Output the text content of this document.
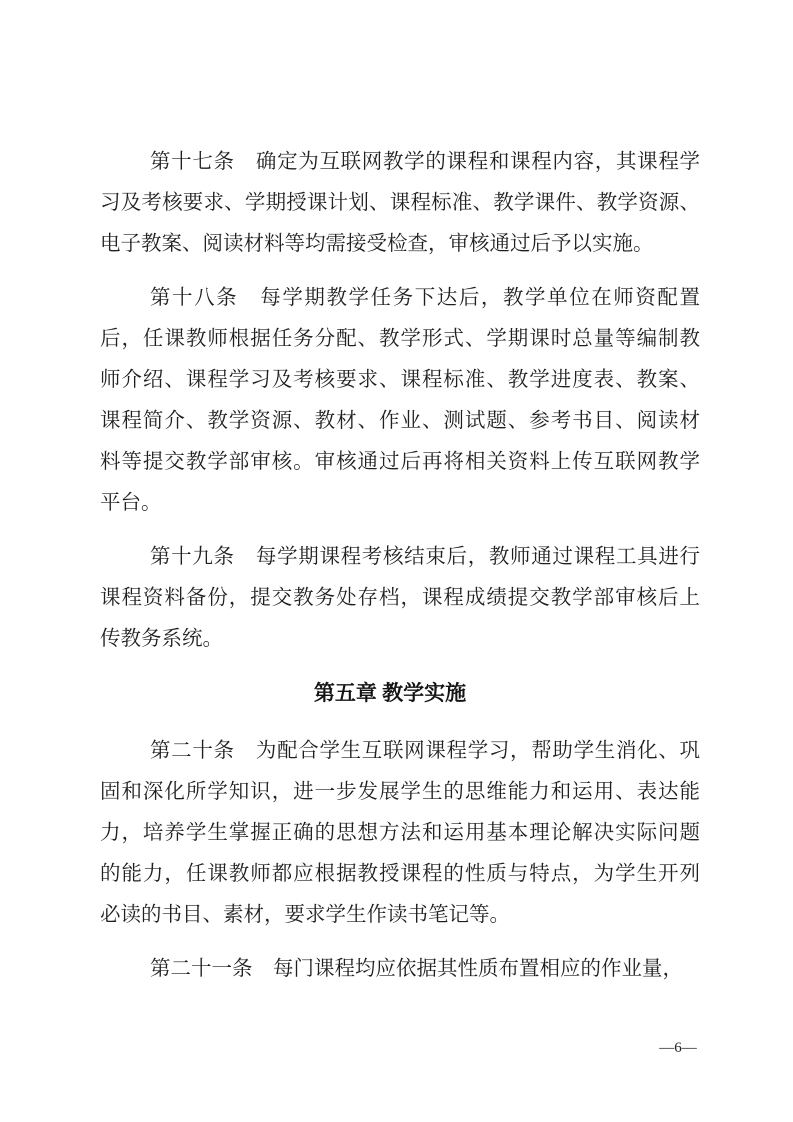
第十七条　确定为互联网教学的课程和课程内容，其课程学
习及考核要求、学期授课计划、课程标准、教学课件、教学资源、
电子教案、阅读材料等均需接受检查，审核通过后予以实施。
第十八条　每学期教学任务下达后，教学单位在师资配置
后，任课教师根据任务分配、教学形式、学期课时总量等编制教
师介绍、课程学习及考核要求、课程标准、教学进度表、教案、
课程简介、教学资源、教材、作业、测试题、参考书目、阅读材
料等提交教学部审核。审核通过后再将相关资料上传互联网教学
平台。
第十九条　每学期课程考核结束后，教师通过课程工具进行
课程资料备份，提交教务处存档，课程成绩提交教学部审核后上
传教务系统。
第五章 教学实施
第二十条　为配合学生互联网课程学习，帮助学生消化、巩
固和深化所学知识，进一步发展学生的思维能力和运用、表达能
力，培养学生掌握正确的思想方法和运用基本理论解决实际问题
的能力，任课教师都应根据教授课程的性质与特点，为学生开列
必读的书目、素材，要求学生作读书笔记等。
第二十一条　每门课程均应依据其性质布置相应的作业量，
—6—
